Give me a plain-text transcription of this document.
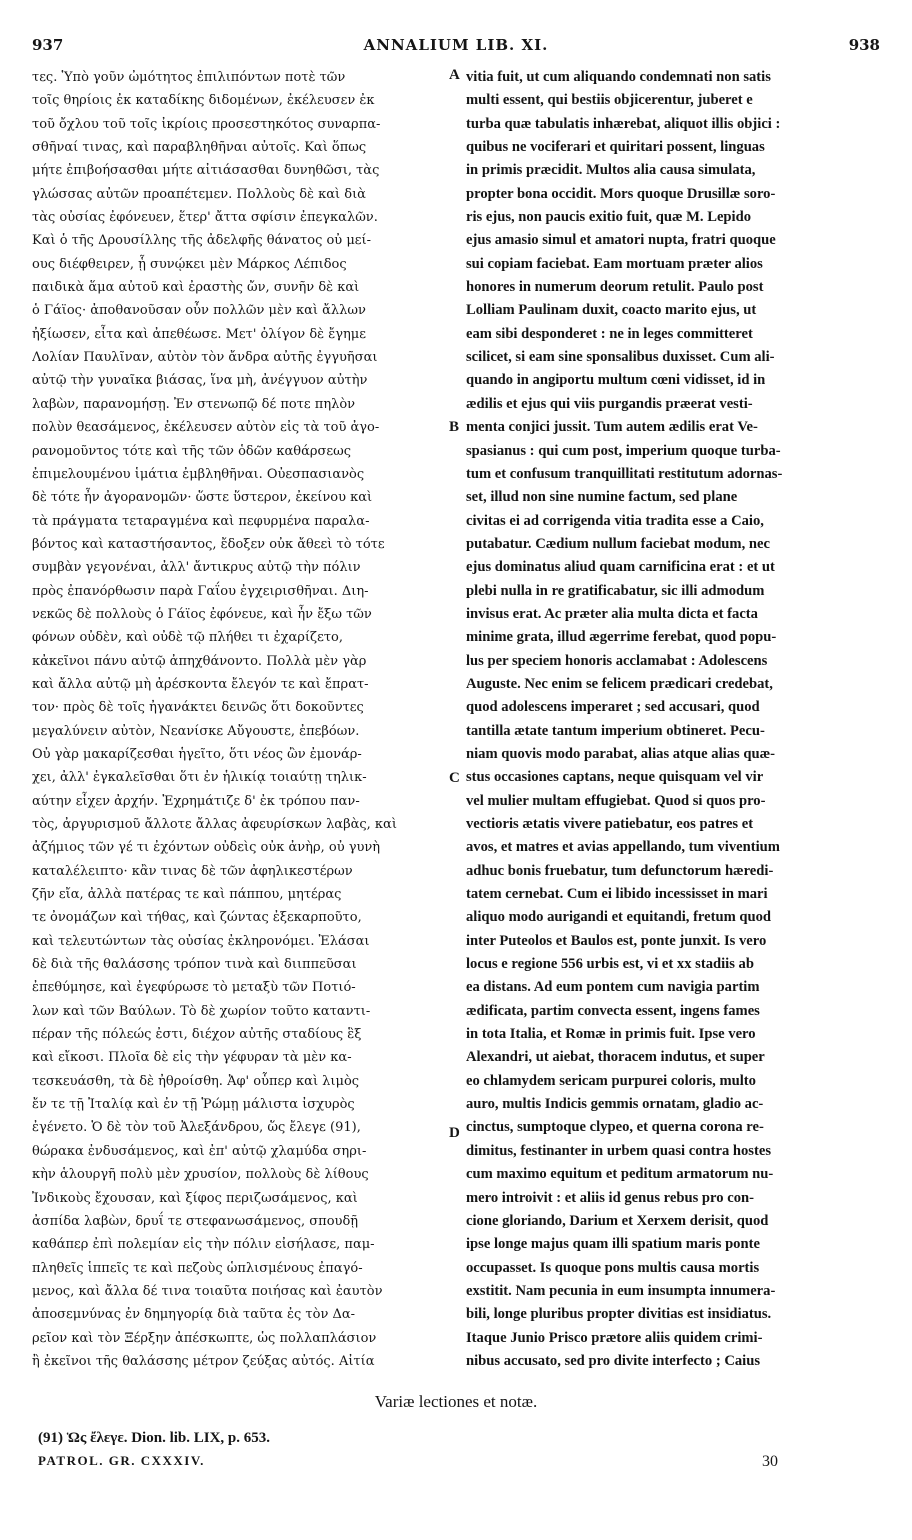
937	ANNALIUM LIB. XI.	938
τες. Ὑπὸ γοῦν ὠμότητος ἐπιλιπόντων ποτὲ τῶν
τοῖς θηρίοις ἐκ καταδίκης διδομένων, ἐκέλευσεν ἐκ
τοῦ ὄχλου τοῦ τοῖς ἰκρίοις προσεστηκότος συναρπα-
σθῆναί τινας, καὶ παραβληθῆναι αὐτοῖς. Καὶ ὅπως
μήτε ἐπιβοήσασθαι μήτε αἰτιάσασθαι δυνηθῶσι, τὰς
γλώσσας αὐτῶν προαπέτεμεν. Πολλοὺς δὲ καὶ διὰ
τὰς οὐσίας ἐφόνευεν, ἕτερ' ἄττα σφίσιν ἐπεγκαλῶν.
Καὶ ὁ τῆς Δρουσίλλης τῆς ἀδελφῆς θάνατος οὐ μεί-
ους διέφθειρεν, ᾗ συνῴκει μὲν Μάρκος Λέπιδος
παιδικὰ ἅμα αὐτοῦ καὶ ἐραστὴς ὤν, συνῆν δὲ καὶ
ὁ Γάϊος· ἀποθανοῦσαν οὖν πολλῶν μὲν καὶ ἄλλων
ἠξίωσεν, εἶτα καὶ ἀπεθέωσε. Μετ' ὀλίγον δὲ ἔγημε
Λολίαν Παυλῖναν, αὐτὸν τὸν ἄνδρα αὐτῆς ἐγγυῆσαι
αὐτῷ τὴν γυναῖκα βιάσας, ἵνα μὴ, ἀνέγγυον αὐτὴν
λαβὼν, παρανομήσῃ. Ἐν στενωπῷ δέ ποτε πηλὸν
πολὺν θεασάμενος, ἐκέλευσεν αὐτὸν εἰς τὰ τοῦ ἀγο-
ρανομοῦντος τότε καὶ τῆς τῶν ὁδῶν καθάρσεως
ἐπιμελουμένου ἱμάτια ἐμβληθῆναι. Οὐεσπασιανὸς
δὲ τότε ἦν ἀγορανομῶν· ὥστε ὕστερον, ἐκείνου καὶ
τὰ πράγματα τεταραγμένα καὶ πεφυρμένα παραλα-
βόντος καὶ καταστήσαντος, ἔδοξεν οὐκ ἄθεεὶ τὸ τότε
συμβὰν γεγονέναι, ἀλλ' ἄντικρυς αὐτῷ τὴν πόλιν
πρὸς ἐπανόρθωσιν παρὰ Γαΐου ἐγχειρισθῆναι. Διη-
νεκῶς δὲ πολλοὺς ὁ Γάϊος ἐφόνευε, καὶ ἦν ἔξω τῶν
φόνων οὐδὲν, καὶ οὐδὲ τῷ πλήθει τι ἐχαρίζετο,
κἀκεῖνοι πάνυ αὐτῷ ἀπηχθάνοντο. Πολλὰ μὲν γὰρ
καὶ ἄλλα αὐτῷ μὴ ἀρέσκοντα ἔλεγόν τε καὶ ἔπρατ-
τον· πρὸς δὲ τοῖς ἠγανάκτει δεινῶς ὅτι δοκοῦντες
μεγαλύνειν αὐτὸν, Νεανίσκε Αὔγουστε, ἐπεβόων.
Οὐ γὰρ μακαρίζεσθαι ἡγεῖτο, ὅτι νέος ὢν ἐμονάρ-
χει, ἀλλ' ἐγκαλεῖσθαι ὅτι ἐν ἡλικίᾳ τοιαύτῃ τηλικ-
αύτην εἶχεν ἀρχήν. Ἐχρημάτιζε δ' ἐκ τρόπου παν-
τὸς, ἀργυρισμοῦ ἄλλοτε ἄλλας ἀφευρίσκων λαβὰς, καὶ
ἀζήμιος τῶν γέ τι ἐχόντων οὐδεὶς οὐκ ἀνὴρ, οὐ γυνὴ
καταλέλειπτο· κἂν τινας δὲ τῶν ἀφηλικεστέρων
ζῆν εἴα, ἀλλὰ πατέρας τε καὶ πάππου, μητέρας
τε ὀνομάζων καὶ τήθας, καὶ ζώντας ἐξεκαρποῦτο,
καὶ τελευτώντων τὰς οὐσίας ἐκληρονόμει. Ἐλάσαι
δὲ διὰ τῆς θαλάσσης τρόπον τινὰ καὶ διιππεῦσαι
ἐπεθύμησε, καὶ ἐγεφύρωσε τὸ μεταξὺ τῶν Ποτιό-
λων καὶ τῶν Βαύλων. Τὸ δὲ χωρίον τοῦτο καταντι-
πέραν τῆς πόλεώς ἐστι, διέχον αὐτῆς σταδίους ἓξ
καὶ εἴκοσι. Πλοῖα δὲ εἰς τὴν γέφυραν τὰ μὲν κα-
τεσκευάσθη, τὰ δὲ ἠθροίσθη. Ἀφ' οὗπερ καὶ λιμὸς
ἔν τε τῇ Ἰταλίᾳ καὶ ἐν τῇ Ῥώμῃ μάλιστα ἰσχυρὸς
ἐγένετο. Ὁ δὲ τὸν τοῦ Ἀλεξάνδρου, ὥς ἔλεγε (91),
θώρακα ἐνδυσάμενος, καὶ ἐπ' αὐτῷ χλαμύδα σηρι-
κὴν ἁλουργῆ πολὺ μὲν χρυσίον, πολλοὺς δὲ λίθους
Ἰνδικοὺς ἔχουσαν, καὶ ξίφος περιζωσάμενος, καὶ
ἀσπίδα λαβὼν, δρυΐ τε στεφανωσάμενος, σπουδῇ
καθάπερ ἐπὶ πολεμίαν εἰς τὴν πόλιν εἰσήλασε, παμ-
πληθεῖς ἱππεῖς τε καὶ πεζοὺς ὡπλισμένους ἐπαγό-
μενος, καὶ ἄλλα δέ τινα τοιαῦτα ποιήσας καὶ ἐαυτὸν
ἀποσεμνύνας ἐν δημηγορίᾳ διὰ ταῦτα ἐς τὸν Δα-
ρεῖον καὶ τὸν Ξέρξην ἀπέσκωπτε, ὡς πολλαπλάσιον
ἢ ἐκεῖνοι τῆς θαλάσσης μέτρον ζεύξας αὐτός. Αἰτία
A
B
C
D
vitia fuit, ut cum aliquando condemnati non satis
multi essent, qui bestiis objicerentur, juberet e
turba quæ tabulatis inhærebat, aliquot illis objici :
quibus ne vociferari et quiritari possent, linguas
in primis præcidit. Multos alia causa simulata,
propter bona occidit. Mors quoque Drusillæ soro-
ris ejus, non paucis exitio fuit, quæ M. Lepido
ejus amasio simul et amatori nupta, fratri quoque
sui copiam faciebat. Eam mortuam præter alios
honores in numerum deorum retulit. Paulo post
Lolliam Paulinam duxit, coacto marito ejus, ut
eam sibi desponderet : ne in leges committeret
scilicet, si eam sine sponsalibus duxisset. Cum ali-
quando in angiportu multum cœni vidisset, id in
ædilis et ejus qui viis purgandis præerat vesti-
menta conjici jussit. Tum autem ædilis erat Ve-
spasianus : qui cum post, imperium quoque turba-
tum et confusum tranquillitati restitutum adornas-
set, illud non sine numine factum, sed plane
civitas ei ad corrigenda vitia tradita esse a Caio,
putabatur. Cædium nullum faciebat modum, nec
ejus dominatus aliud quam carnificina erat : et ut
plebi nulla in re gratificabatur, sic illi admodum
invisus erat. Ac præter alia multa dicta et facta
minime grata, illud ægerrime ferebat, quod popu-
lus per speciem honoris acclamabat : Adolescens
Auguste. Nec enim se felicem prædicari credebat,
quod adolescens imperaret ; sed accusari, quod
tantilla ætate tantum imperium obtineret. Pecu-
niam quovis modo parabat, alias atque alias quæ-
stus occasiones captans, neque quisquam vel vir
vel mulier multam effugiebat. Quod si quos pro-
vectioris ætatis vivere patiebatur, eos patres et
avos, et matres et avias appellando, tum viventium
adhuc bonis fruebatur, tum defunctorum hæredi-
tatem cernebat. Cum ei libido incessisset in mari
aliquo modo aurigandi et equitandi, fretum quod
inter Puteolos et Baulos est, ponte junxit. Is vero
locus e regione 556 urbis est, vi et xx stadiis ab
ea distans. Ad eum pontem cum navigia partim
ædificata, partim convecta essent, ingens fames
in tota Italia, et Romæ in primis fuit. Ipse vero
Alexandri, ut aiebat, thoracem indutus, et super
eo chlamydem sericam purpurei coloris, multo
auro, multis Indicis gemmis ornatam, gladio ac-
cinctus, sumptoque clypeo, et querna corona re-
dimitus, festinanter in urbem quasi contra hostes
cum maximo equitum et peditum armatorum nu-
mero introivit : et aliis id genus rebus pro con-
cione gloriando, Darium et Xerxem derisit, quod
ipse longe majus quam illi spatium maris ponte
occupasset. Is quoque pons multis causa mortis
exstitit. Nam pecunia in eum insumpta innumera-
bili, longe pluribus propter divitias est insidiatus.
Itaque Junio Prisco prætore aliis quidem crimi-
nibus accusato, sed pro divite interfecto ; Caius
Variæ lectiones et notæ.
(91) Ὡς ἔλεγε. Dion. lib. LIX, p. 653.
PATROL. GR. CXXXIV.	30
